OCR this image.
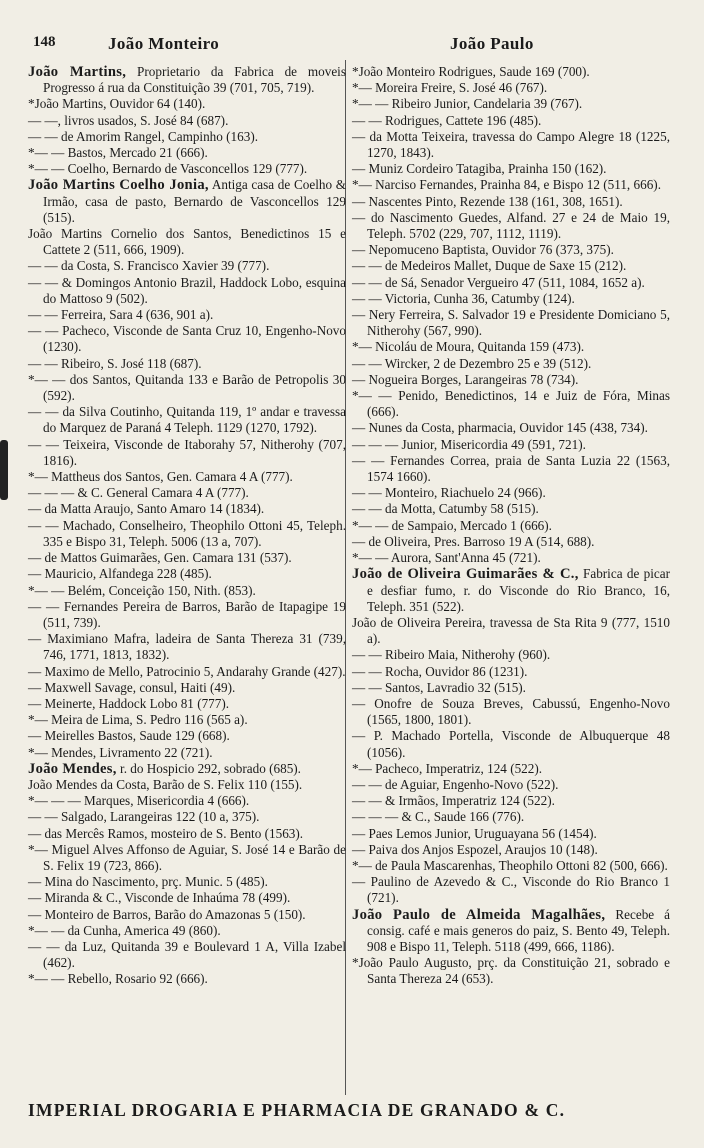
148	João Monteiro	João Paulo

João Martins, Proprietario da Fabrica de moveis Progresso á rua da Constituição 39 (701, 705, 719).

*João Martins, Ouvidor 64 (140).

— —, livros usados, S. José 84 (687).

— — de Amorim Rangel, Campinho (163).

*— — Bastos, Mercado 21 (666).

*— — Coelho, Bernardo de Vasconcellos 129 (777).

João Martins Coelho Jonia, Antiga casa de Coelho & Irmão, casa de pasto, Bernardo de Vasconcellos 129 (515).

João Martins Cornelio dos Santos, Benedictinos 15 e Cattete 2 (511, 666, 1909).

— — da Costa, S. Francisco Xavier 39 (777).

— — & Domingos Antonio Brazil, Haddock Lobo, esquina do Mattoso 9 (502).

— — Ferreira, Sara 4 (636, 901 a).

— — Pacheco, Visconde de Santa Cruz 10, Engenho-Novo (1230).

— — Ribeiro, S. José 118 (687).

*— — dos Santos, Quitanda 133 e Barão de Petropolis 30 (592).

— — da Silva Coutinho, Quitanda 119, 1º andar e travessa do Marquez de Paraná 4 Teleph. 1129 (1270, 1792).

— — Teixeira, Visconde de Itaborahy 57, Nitherohy (707, 1816).

*— Mattheus dos Santos, Gen. Camara 4 A (777).

— — — & C. General Camara 4 A (777).

— da Matta Araujo, Santo Amaro 14 (1834).

— — Machado, Conselheiro, Theophilo Ottoni 45, Teleph. 335 e Bispo 31, Teleph. 5006 (13 a, 707).

— de Mattos Guimarães, Gen. Camara 131 (537).

— Mauricio, Alfandega 228 (485).

*— — Belém, Conceição 150, Nith. (853).

— — Fernandes Pereira de Barros, Barão de Itapagipe 19 (511, 739).

— Maximiano Mafra, ladeira de Santa Thereza 31 (739, 746, 1771, 1813, 1832).

— Maximo de Mello, Patrocinio 5, Andarahy Grande (427).

— Maxwell Savage, consul, Haiti (49).

— Meinerte, Haddock Lobo 81 (777).

*— Meira de Lima, S. Pedro 116 (565 a).

— Meirelles Bastos, Saude 129 (668).

*— Mendes, Livramento 22 (721).

João Mendes, r. do Hospicio 292, sobrado (685).

João Mendes da Costa, Barão de S. Felix 110 (155).

*— — — Marques, Misericordia 4 (666).

— — Salgado, Larangeiras 122 (10 a, 375).

— das Mercês Ramos, mosteiro de S. Bento (1563).

*— Miguel Alves Affonso de Aguiar, S. José 14 e Barão de S. Felix 19 (723, 866).

— Mina do Nascimento, prç. Munic. 5 (485).

— Miranda & C., Visconde de Inhaúma 78 (499).

— Monteiro de Barros, Barão do Amazonas 5 (150).

*— — da Cunha, America 49 (860).

— — da Luz, Quitanda 39 e Boulevard 1 A, Villa Izabel (462).

*— — Rebello, Rosario 92 (666).

*João Monteiro Rodrigues, Saude 169 (700).

*— Moreira Freire, S. José 46 (767).

*— — Ribeiro Junior, Candelaria 39 (767).

— — Rodrigues, Cattete 196 (485).

— da Motta Teixeira, travessa do Campo Alegre 18 (1225, 1270, 1843).

— Muniz Cordeiro Tatagiba, Prainha 150 (162).

*— Narciso Fernandes, Prainha 84, e Bispo 12 (511, 666).

— Nascentes Pinto, Rezende 138 (161, 308, 1651).

— do Nascimento Guedes, Alfand. 27 e 24 de Maio 19, Teleph. 5702 (229, 707, 1112, 1119).

— Nepomuceno Baptista, Ouvidor 76 (373, 375).

— — de Medeiros Mallet, Duque de Saxe 15 (212).

— — de Sá, Senador Vergueiro 47 (511, 1084, 1652 a).

— — Victoria, Cunha 36, Catumby (124).

— Nery Ferreira, S. Salvador 19 e Presidente Domiciano 5, Nitherohy (567, 990).

*— Nicoláu de Moura, Quitanda 159 (473).

— — Wircker, 2 de Dezembro 25 e 39 (512).

— Nogueira Borges, Larangeiras 78 (734).

*— — Penido, Benedictinos, 14 e Juiz de Fóra, Minas (666).

— Nunes da Costa, pharmacia, Ouvidor 145 (438, 734).

— — — Junior, Misericordia 49 (591, 721).

— — Fernandes Correa, praia de Santa Luzia 22 (1563, 1574 1660).

— — Monteiro, Riachuelo 24 (966).

— — da Motta, Catumby 58 (515).

*— — de Sampaio, Mercado 1 (666).

— de Oliveira, Pres. Barroso 19 A (514, 688).

*— — Aurora, Sant'Anna 45 (721).

João de Oliveira Guimarães & C., Fabrica de picar e desfiar fumo, r. do Visconde do Rio Branco, 16, Teleph. 351 (522).

João de Oliveira Pereira, travessa de Sta Rita 9 (777, 1510 a).

— — Ribeiro Maia, Nitherohy (960).

— — Rocha, Ouvidor 86 (1231).

— — Santos, Lavradio 32 (515).

— Onofre de Souza Breves, Cabussú, Engenho-Novo (1565, 1800, 1801).

— P. Machado Portella, Visconde de Albuquerque 48 (1056).

*— Pacheco, Imperatriz, 124 (522).

— — de Aguiar, Engenho-Novo (522).

— — & Irmãos, Imperatriz 124 (522).

— — — & C., Saude 166 (776).

— Paes Lemos Junior, Uruguayana 56 (1454).

— Paiva dos Anjos Espozel, Araujos 10 (148).

*— de Paula Mascarenhas, Theophilo Ottoni 82 (500, 666).

— Paulino de Azevedo & C., Visconde do Rio Branco 1 (721).

João Paulo de Almeida Magalhães, Recebe á consig. café e mais generos do paiz, S. Bento 49, Teleph. 908 e Bispo 11, Teleph. 5118 (499, 666, 1186).

*João Paulo Augusto, prç. da Constituição 21, sobrado e Santa Thereza 24 (653).

IMPERIAL DROGARIA E PHARMACIA DE GRANADO & C.
